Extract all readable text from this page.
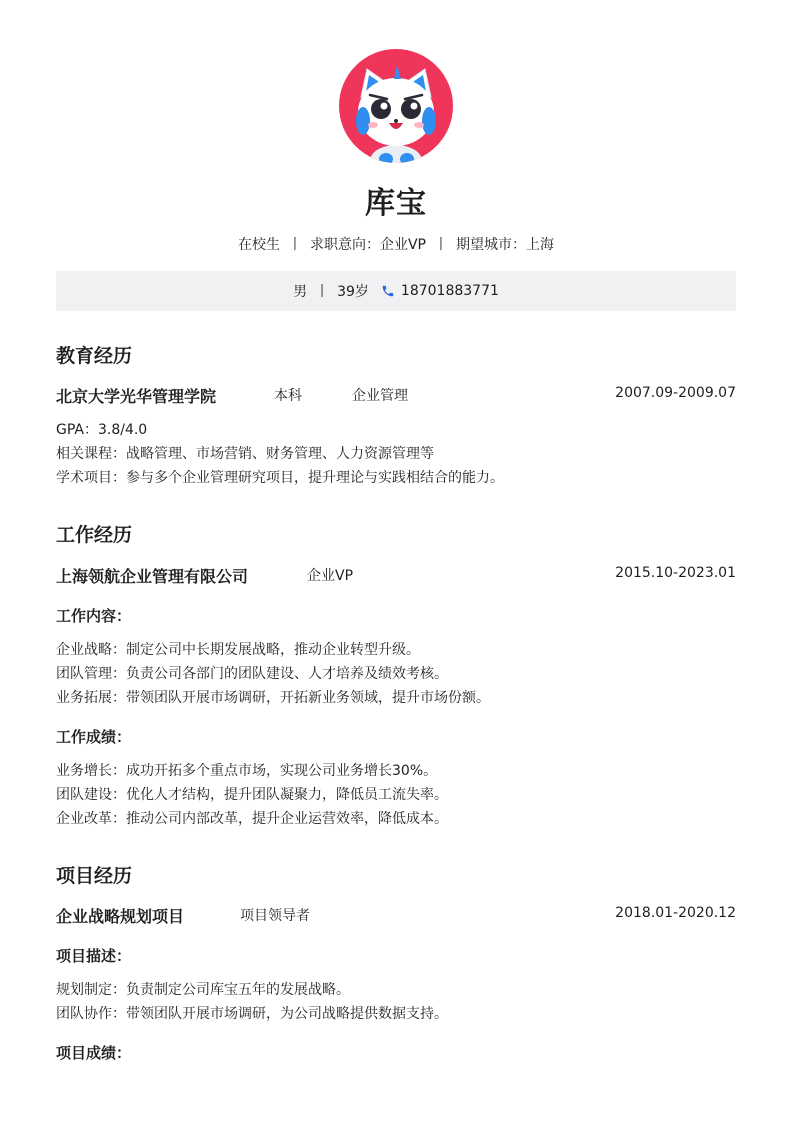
库宝
在校生 丨 求职意向：企业VP 丨 期望城市：上海
男 丨 39岁 18701883771
教育经历
北京大学光华管理学院	本科	企业管理	2007.09-2009.07
GPA：3.8/4.0
相关课程：战略管理、市场营销、财务管理、人力资源管理等
学术项目：参与多个企业管理研究项目，提升理论与实践相结合的能力。
工作经历
上海领航企业管理有限公司	企业VP	2015.10-2023.01
工作内容：
企业战略：制定公司中长期发展战略，推动企业转型升级。
团队管理：负责公司各部门的团队建设、人才培养及绩效考核。
业务拓展：带领团队开展市场调研，开拓新业务领域，提升市场份额。
工作成绩：
业务增长：成功开拓多个重点市场，实现公司业务增长30%。
团队建设：优化人才结构，提升团队凝聚力，降低员工流失率。
企业改革：推动公司内部改革，提升企业运营效率，降低成本。
项目经历
企业战略规划项目	项目领导者	2018.01-2020.12
项目描述：
规划制定：负责制定公司库宝五年的发展战略。
团队协作：带领团队开展市场调研，为公司战略提供数据支持。
项目成绩：
